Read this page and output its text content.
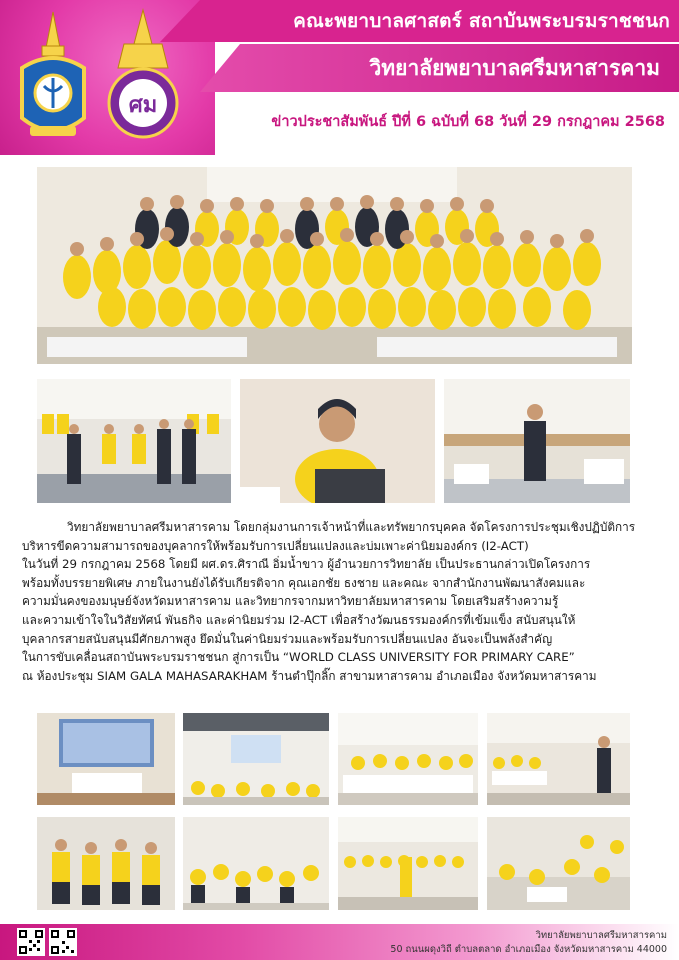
ศม
คณะพยาบาลศาสตร์ สถาบันพระบรมราชชนก
วิทยาลัยพยาบาลศรีมหาสารคาม
ข่าวประชาสัมพันธ์ ปีที่ 6 ฉบับที่ 68 วันที่ 29 กรกฎาคม 2568
วิทยาลัยพยาบาลศรีมหาสารคาม โดยกลุ่มงานการเจ้าหน้าที่และทรัพยากรบุคคล จัดโครงการประชุมเชิงปฏิบัติการ
บริหารขีดความสามารถของบุคลากรให้พร้อมรับการเปลี่ยนแปลงและบ่มเพาะค่านิยมองค์กร (I2-ACT)
ในวันที่ 29 กรกฎาคม 2568 โดยมี ผศ.ดร.ศิราณี อิ่มน้ำขาว ผู้อำนวยการวิทยาลัย เป็นประธานกล่าวเปิดโครงการ
พร้อมทั้งบรรยายพิเศษ ภายในงานยังได้รับเกียรติจาก คุณเอกชัย ธงชาย และคณะ จากสำนักงานพัฒนาสังคมและ
ความมั่นคงของมนุษย์จังหวัดมหาสารคาม และวิทยากรจากมหาวิทยาลัยมหาสารคาม โดยเสริมสร้างความรู้
และความเข้าใจในวิสัยทัศน์ พันธกิจ และค่านิยมร่วม I2-ACT เพื่อสร้างวัฒนธรรมองค์กรที่เข้มแข็ง สนับสนุนให้
บุคลากรสายสนับสนุนมีศักยภาพสูง ยึดมั่นในค่านิยมร่วมและพร้อมรับการเปลี่ยนแปลง อันจะเป็นพลังสำคัญ
ในการขับเคลื่อนสถาบันพระบรมราชชนก สู่การเป็น “WORLD CLASS UNIVERSITY FOR PRIMARY CARE”
ณ ห้องประชุม SIAM GALA MAHASARAKHAM ร้านตำปุ๊กลิ๊ก สาขามหาสารคาม อำเภอเมือง จังหวัดมหาสารคาม
วิทยาลัยพยาบาลศรีมหาสารคาม
50 ถนนผดุงวิถี ตำบลตลาด อำเภอเมือง จังหวัดมหาสารคาม 44000
